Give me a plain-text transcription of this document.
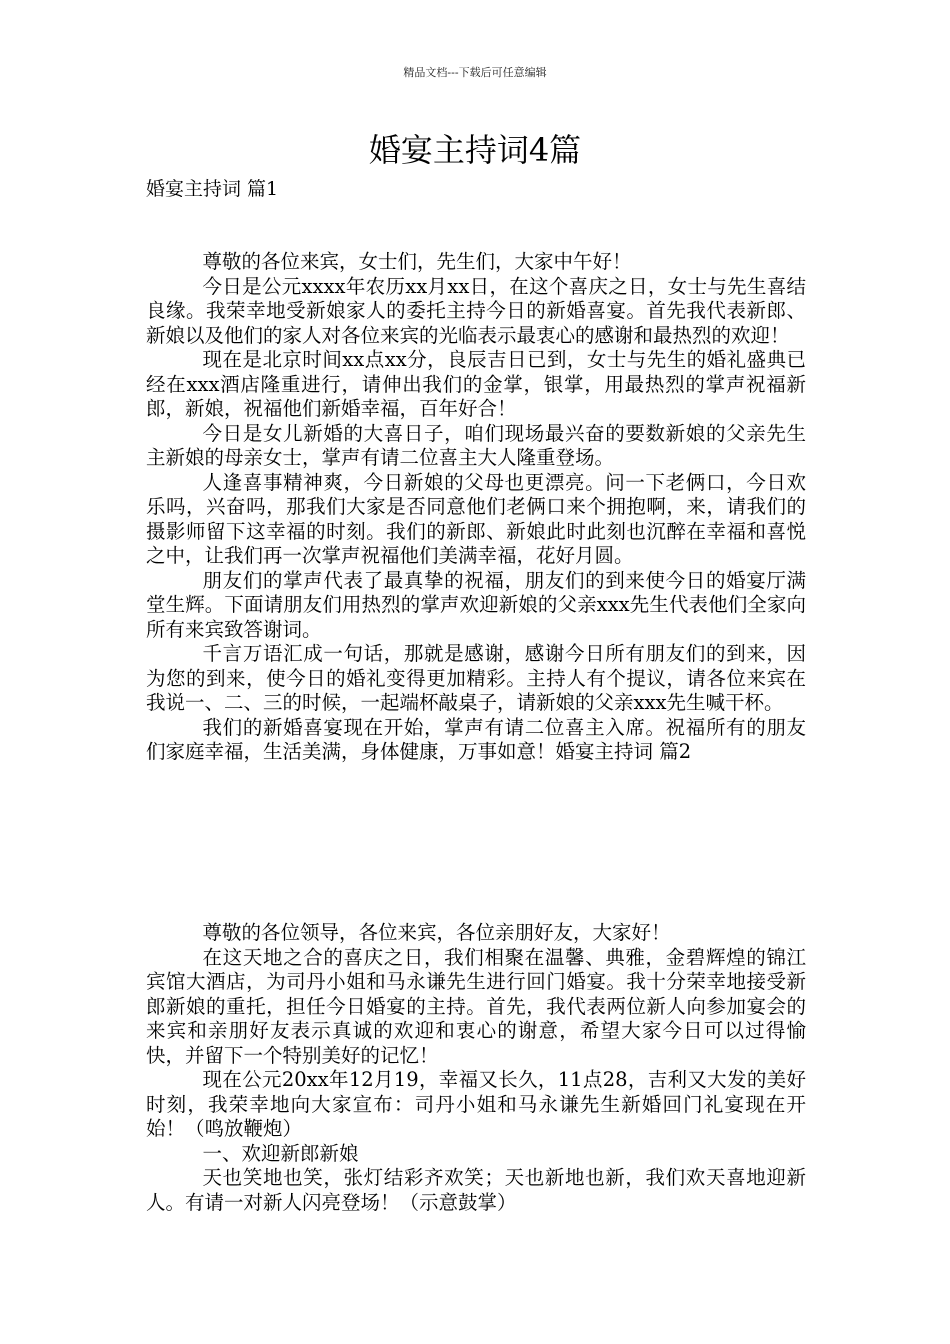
精品文档---下载后可任意编辑
婚宴主持词4篇
婚宴主持词 篇1

尊敬的各位来宾，女士们，先生们，大家中午好！

今日是公元xxxx年农历xx月xx日，在这个喜庆之日，女士与先生喜结良缘。我荣幸地受新娘家人的委托主持今日的新婚喜宴。首先我代表新郎、新娘以及他们的家人对各位来宾的光临表示最衷心的感谢和最热烈的欢迎！

现在是北京时间xx点xx分，良辰吉日已到，女士与先生的婚礼盛典已经在xxx酒店隆重进行，请伸出我们的金掌，银掌，用最热烈的掌声祝福新郎，新娘，祝福他们新婚幸福，百年好合！

今日是女儿新婚的大喜日子，咱们现场最兴奋的要数新娘的父亲先生主新娘的母亲女士，掌声有请二位喜主大人隆重登场。

人逢喜事精神爽，今日新娘的父母也更漂亮。问一下老俩口，今日欢乐吗，兴奋吗，那我们大家是否同意他们老俩口来个拥抱啊，来，请我们的摄影师留下这幸福的时刻。我们的新郎、新娘此时此刻也沉醉在幸福和喜悦之中，让我们再一次掌声祝福他们美满幸福，花好月圆。

朋友们的掌声代表了最真挚的祝福，朋友们的到来使今日的婚宴厅满堂生辉。下面请朋友们用热烈的掌声欢迎新娘的父亲xxx先生代表他们全家向所有来宾致答谢词。

千言万语汇成一句话，那就是感谢，感谢今日所有朋友们的到来，因为您的到来，使今日的婚礼变得更加精彩。主持人有个提议，请各位来宾在我说一、二、三的时候，一起端杯敲桌子，请新娘的父亲xxx先生喊干杯。

我们的新婚喜宴现在开始，掌声有请二位喜主入席。祝福所有的朋友们家庭幸福，生活美满，身体健康，万事如意！婚宴主持词 篇2

尊敬的各位领导，各位来宾，各位亲朋好友，大家好！

在这天地之合的喜庆之日，我们相聚在温馨、典雅，金碧辉煌的锦江宾馆大酒店，为司丹小姐和马永谦先生进行回门婚宴。我十分荣幸地接受新郎新娘的重托，担任今日婚宴的主持。首先，我代表两位新人向参加宴会的来宾和亲朋好友表示真诚的欢迎和衷心的谢意，希望大家今日可以过得愉快，并留下一个特别美好的记忆！

现在公元20xx年12月19，幸福又长久，11点28，吉利又大发的美好时刻，我荣幸地向大家宣布：司丹小姐和马永谦先生新婚回门礼宴现在开始！（鸣放鞭炮）

一、欢迎新郎新娘

天也笑地也笑，张灯结彩齐欢笑；天也新地也新，我们欢天喜地迎新人。有请一对新人闪亮登场！（示意鼓掌）
